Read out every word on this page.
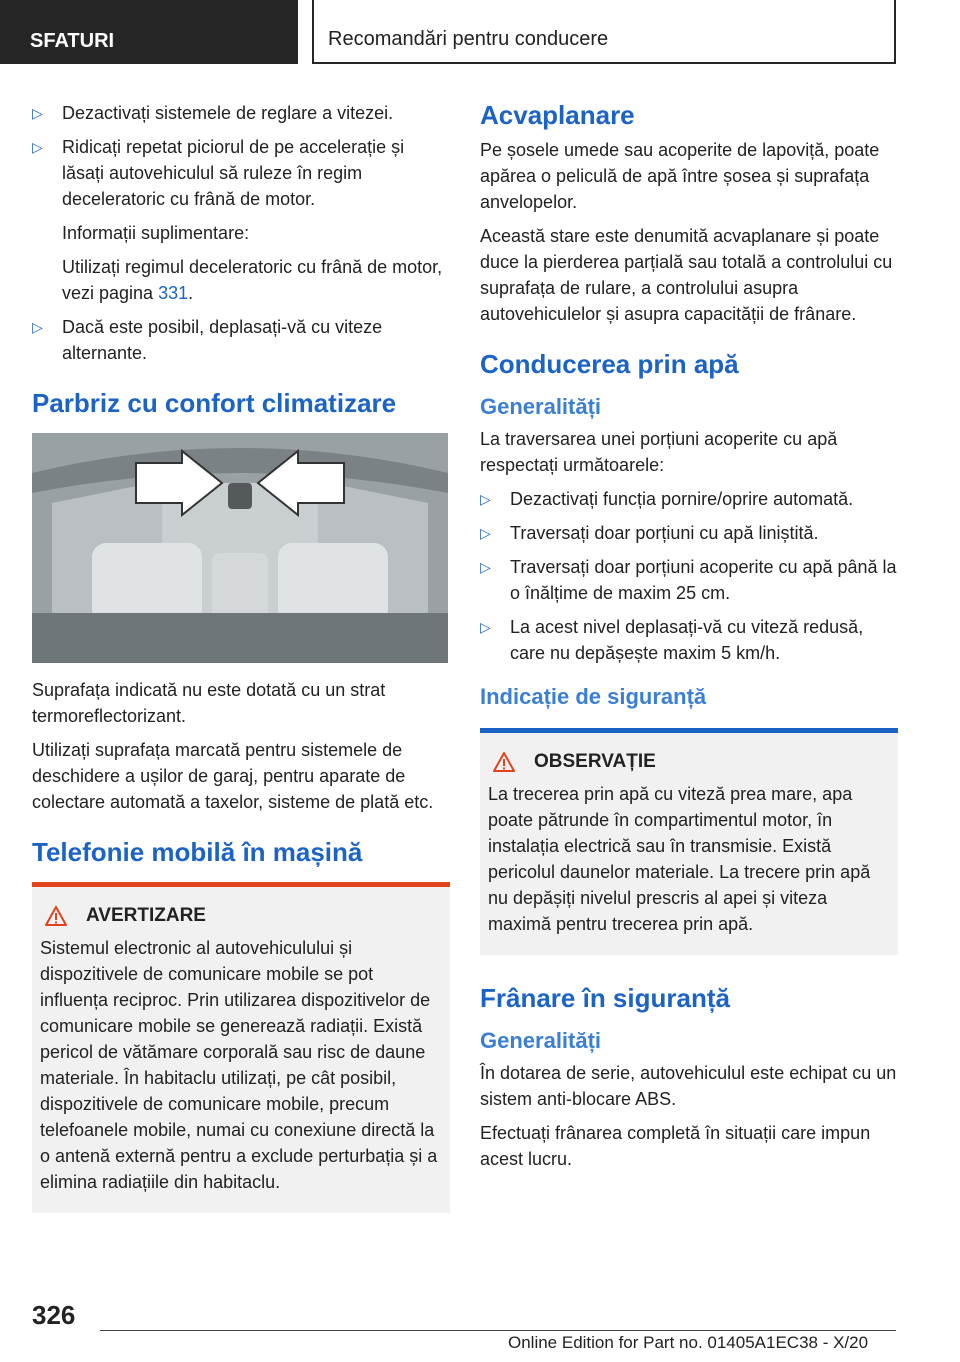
SFATURI	Recomandări pentru conducere
▷ Dezactivați sistemele de reglare a vitezei.
▷ Ridicați repetat piciorul de pe accelerație și lăsați autovehiculul să ruleze în regim deceleratoric cu frână de motor.
Informații suplimentare:
Utilizați regimul deceleratoric cu frână de motor, vezi pagina 331.
▷ Dacă este posibil, deplasați-vă cu viteze alternante.
Parbriz cu confort climatizare

Suprafața indicată nu este dotată cu un strat termoreflectorizant.

Utilizați suprafața marcată pentru sistemele de deschidere a ușilor de garaj, pentru aparate de colectare automată a taxelor, sisteme de plată etc.

Telefonie mobilă în mașină
AVERTIZARE

Sistemul electronic al autovehiculului și dispozitivele de comunicare mobile se pot influența reciproc. Prin utilizarea dispozitivelor de comunicare mobile se generează radiații. Există pericol de vătămare corporală sau risc de daune materiale. În habitaclu utilizați, pe cât posibil, dispozitivele de comunicare mobile, precum telefoanele mobile, numai cu conexiune directă la o antenă externă pentru a exclude perturbația și a elimina radiațiile din habitaclu.

Acvaplanare

Pe șosele umede sau acoperite de lapoviță, poate apărea o peliculă de apă între șosea și suprafața anvelopelor.

Această stare este denumită acvaplanare și poate duce la pierderea parțială sau totală a controlului cu suprafața de rulare, a controlului asupra autovehiculelor și asupra capacității de frânare.

Conducerea prin apă
Generalități

La traversarea unei porțiuni acoperite cu apă respectați următoarele:

▷ Dezactivați funcția pornire/oprire automată.
▷ Traversați doar porțiuni cu apă liniștită.
▷ Traversați doar porțiuni acoperite cu apă până la o înălțime de maxim 25 cm.
▷ La acest nivel deplasați-vă cu viteză redusă, care nu depășește maxim 5 km/h.
Indicație de siguranță
OBSERVAȚIE

La trecerea prin apă cu viteză prea mare, apa poate pătrunde în compartimentul motor, în instalația electrică sau în transmisie. Există pericolul daunelor materiale. La trecere prin apă nu depășiți nivelul prescris al apei și viteza maximă pentru trecerea prin apă.

Frânare în siguranță
Generalități

În dotarea de serie, autovehiculul este echipat cu un sistem anti-blocare ABS.

Efectuați frânarea completă în situații care impun acest lucru.

326
Online Edition for Part no. 01405A1EC38 - X/20
